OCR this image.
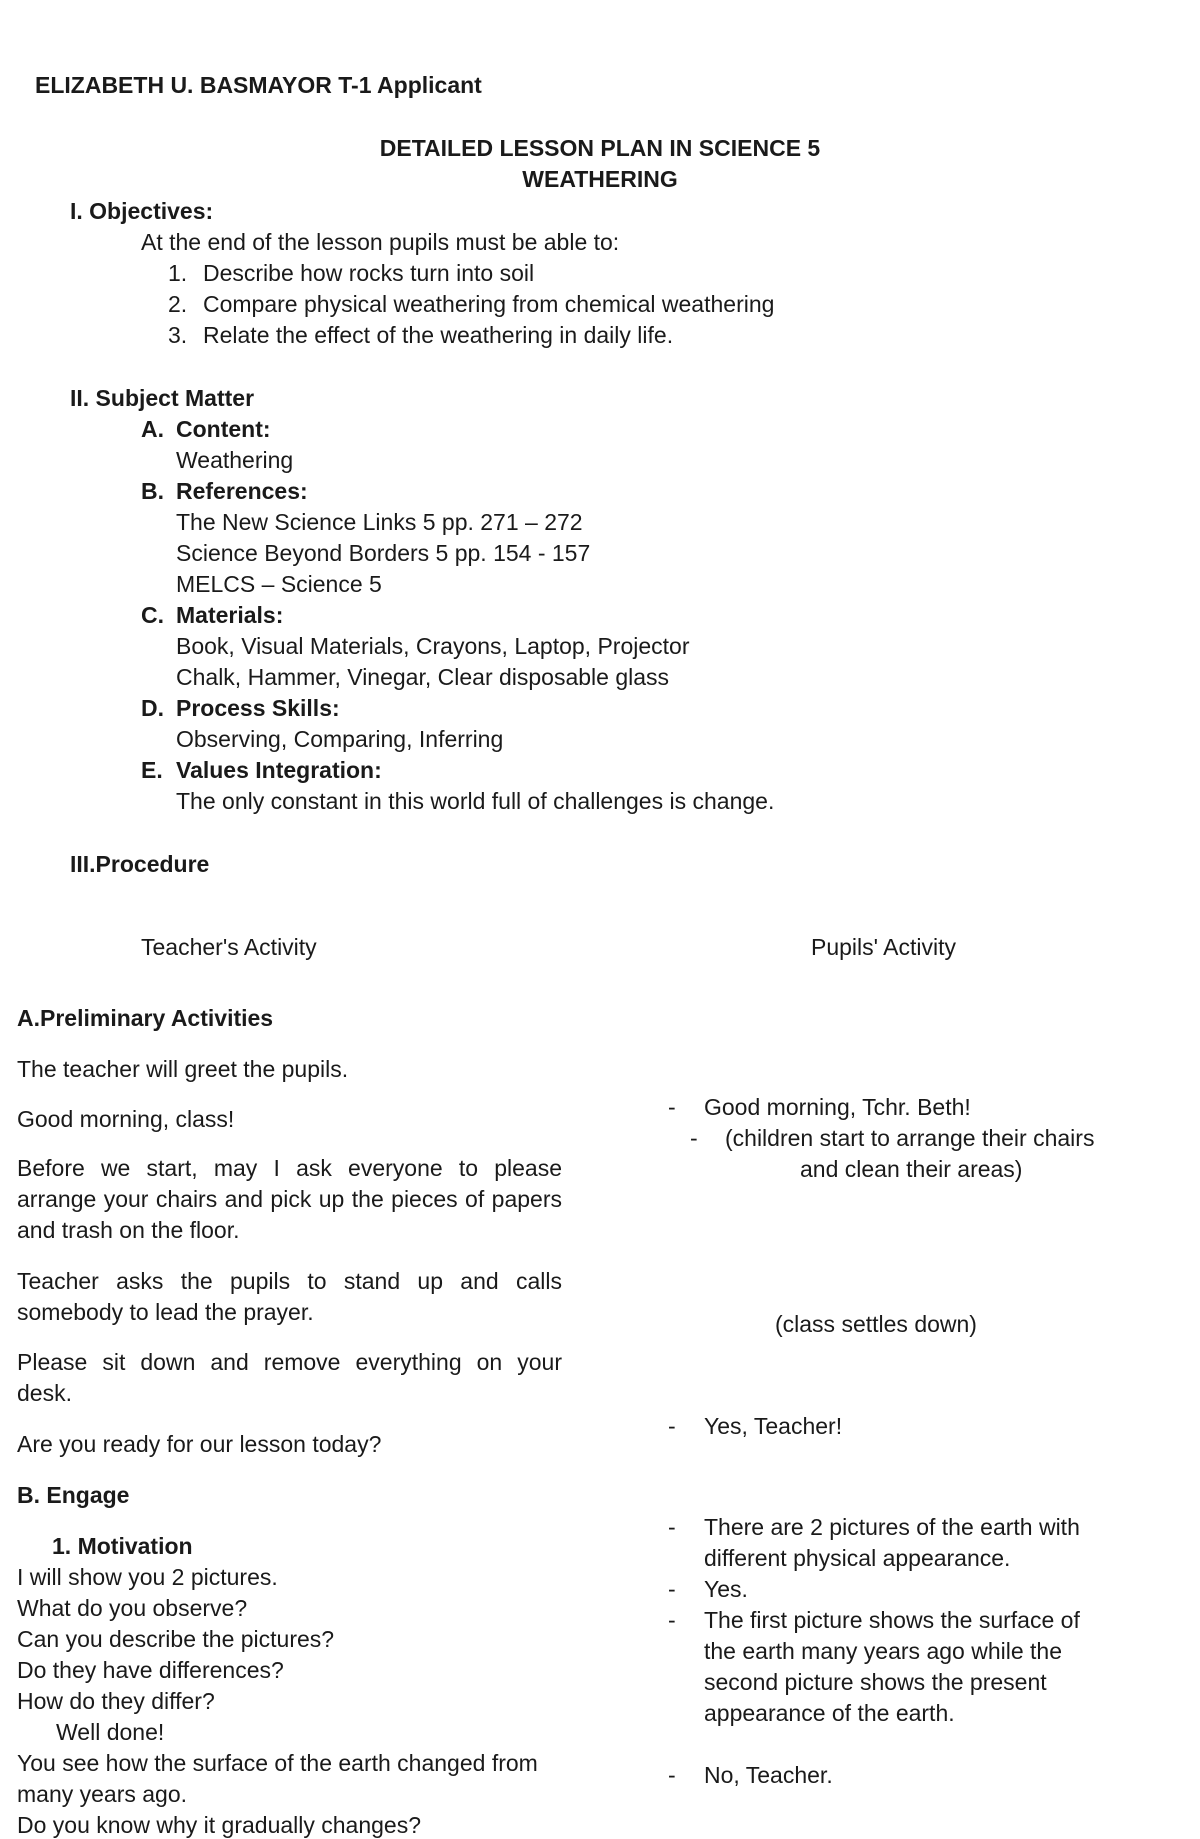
ELIZABETH U. BASMAYOR T-1 Applicant
DETAILED LESSON PLAN IN SCIENCE 5
WEATHERING
I. Objectives:
At the end of the lesson pupils must be able to:
1. Describe how rocks turn into soil
2. Compare physical weathering from chemical weathering
3. Relate the effect of the weathering in daily life.
II. Subject Matter
A. Content:
Weathering
B. References:
The New Science Links 5 pp. 271 – 272
Science Beyond Borders 5 pp. 154 - 157
MELCS – Science 5
C. Materials:
Book, Visual Materials, Crayons, Laptop, Projector
Chalk, Hammer, Vinegar, Clear disposable glass
D. Process Skills:
Observing, Comparing, Inferring
E. Values Integration:
The only constant in this world full of challenges is change.
III.Procedure
Teacher's Activity	Pupils' Activity
A.Preliminary Activities
The teacher will greet the pupils.
Good morning, class!
Before we start, may I ask everyone to please arrange your chairs and pick up the pieces of papers and trash on the floor.
Teacher asks the pupils to stand up and calls somebody to lead the prayer.
Please sit down and remove everything on your desk.
Are you ready for our lesson today?
- Good morning, Tchr. Beth!
- (children start to arrange their chairs
and clean their areas)
(class settles down)
- Yes, Teacher!
B. Engage
1. Motivation
I will show you 2 pictures.
What do you observe?
Can you describe the pictures?
Do they have differences?
How do they differ?
Well done!
You see how the surface of the earth changed from
many years ago.
Do you know why it gradually changes?
- There are 2 pictures of the earth with
different physical appearance.
- Yes.
- The first picture shows the surface of
the earth many years ago while the
second picture shows the present
appearance of the earth.
- No, Teacher.
